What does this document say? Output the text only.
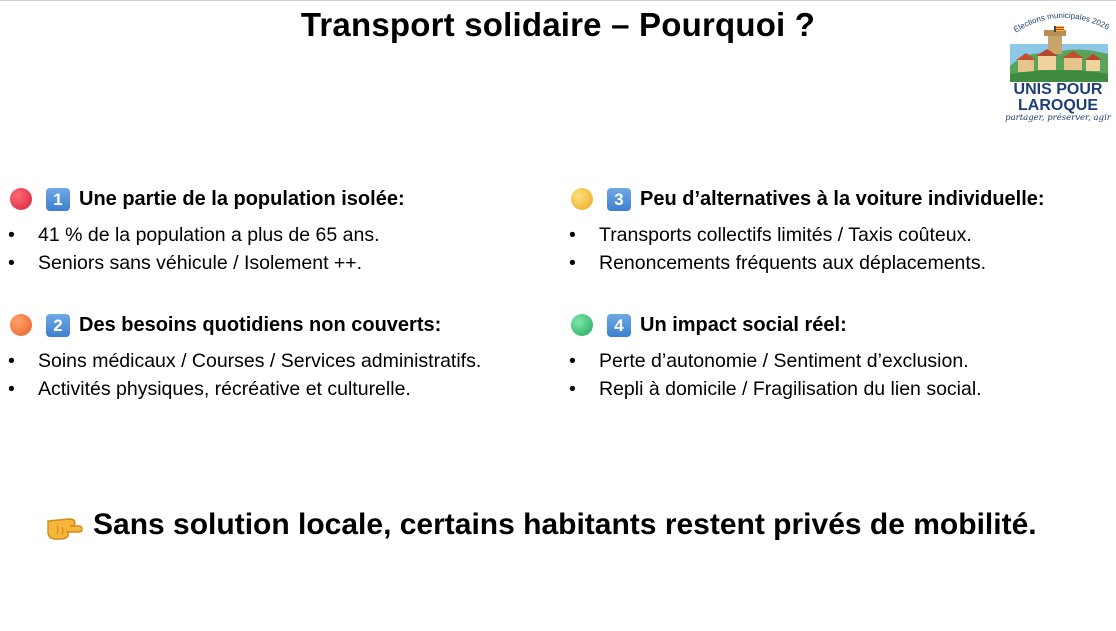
Transport solidaire – Pourquoi ?	Élections municipales 2026
UNIS POUR
LAROQUE
partager, préserver, agir
1 Une partie de la population isolée:
•	41 % de la population a plus de 65 ans.
•	Seniors sans véhicule / Isolement ++.
2 Des besoins quotidiens non couverts:
•	Soins médicaux / Courses / Services administratifs.
•	Activités physiques, récréative et culturelle.
3 Peu d’alternatives à la voiture individuelle:
•	Transports collectifs limités / Taxis coûteux.
•	Renoncements fréquents aux déplacements.
4 Un impact social réel:
•	Perte d’autonomie / Sentiment d’exclusion.
•	Repli à domicile / Fragilisation du lien social.
Sans solution locale, certains habitants restent privés de mobilité.
